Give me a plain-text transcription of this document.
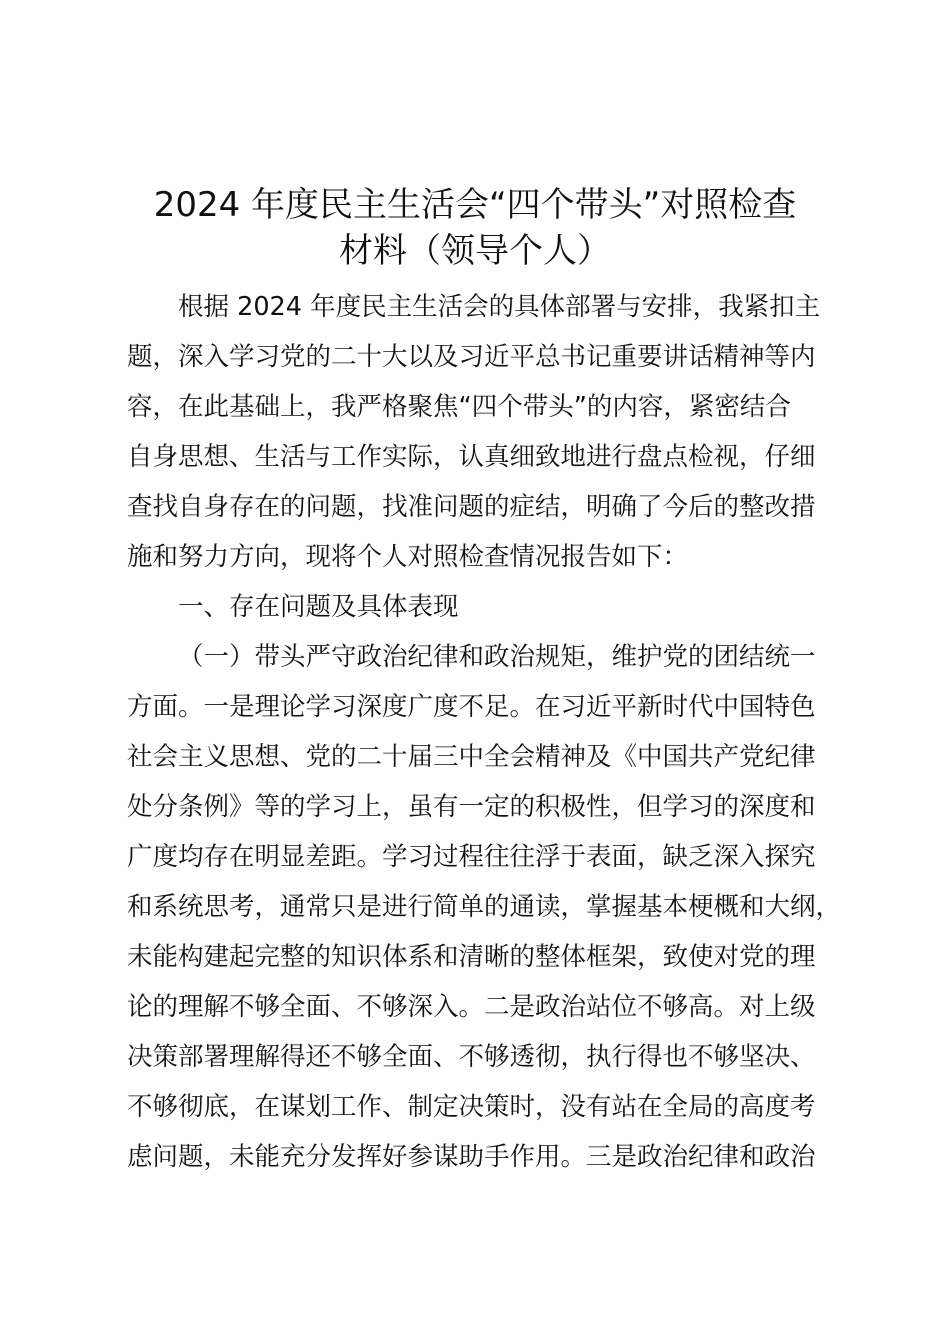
2024 年度民主生活会“四个带头”对照检查
材料（领导个人）
根据 2024 年度民主生活会的具体部署与安排，我紧扣主
题，深入学习党的二十大以及习近平总书记重要讲话精神等内
容，在此基础上，我严格聚焦“四个带头”的内容，紧密结合
自身思想、生活与工作实际，认真细致地进行盘点检视，仔细
查找自身存在的问题，找准问题的症结，明确了今后的整改措
施和努力方向，现将个人对照检查情况报告如下：
一、存在问题及具体表现
（一）带头严守政治纪律和政治规矩，维护党的团结统一
方面。一是理论学习深度广度不足。在习近平新时代中国特色
社会主义思想、党的二十届三中全会精神及《中国共产党纪律
处分条例》等的学习上，虽有一定的积极性，但学习的深度和
广度均存在明显差距。学习过程往往浮于表面，缺乏深入探究
和系统思考，通常只是进行简单的通读，掌握基本梗概和大纲，
未能构建起完整的知识体系和清晰的整体框架，致使对党的理
论的理解不够全面、不够深入。二是政治站位不够高。对上级
决策部署理解得还不够全面、不够透彻，执行得也不够坚决、
不够彻底，在谋划工作、制定决策时，没有站在全局的高度考
虑问题，未能充分发挥好参谋助手作用。三是政治纪律和政治
